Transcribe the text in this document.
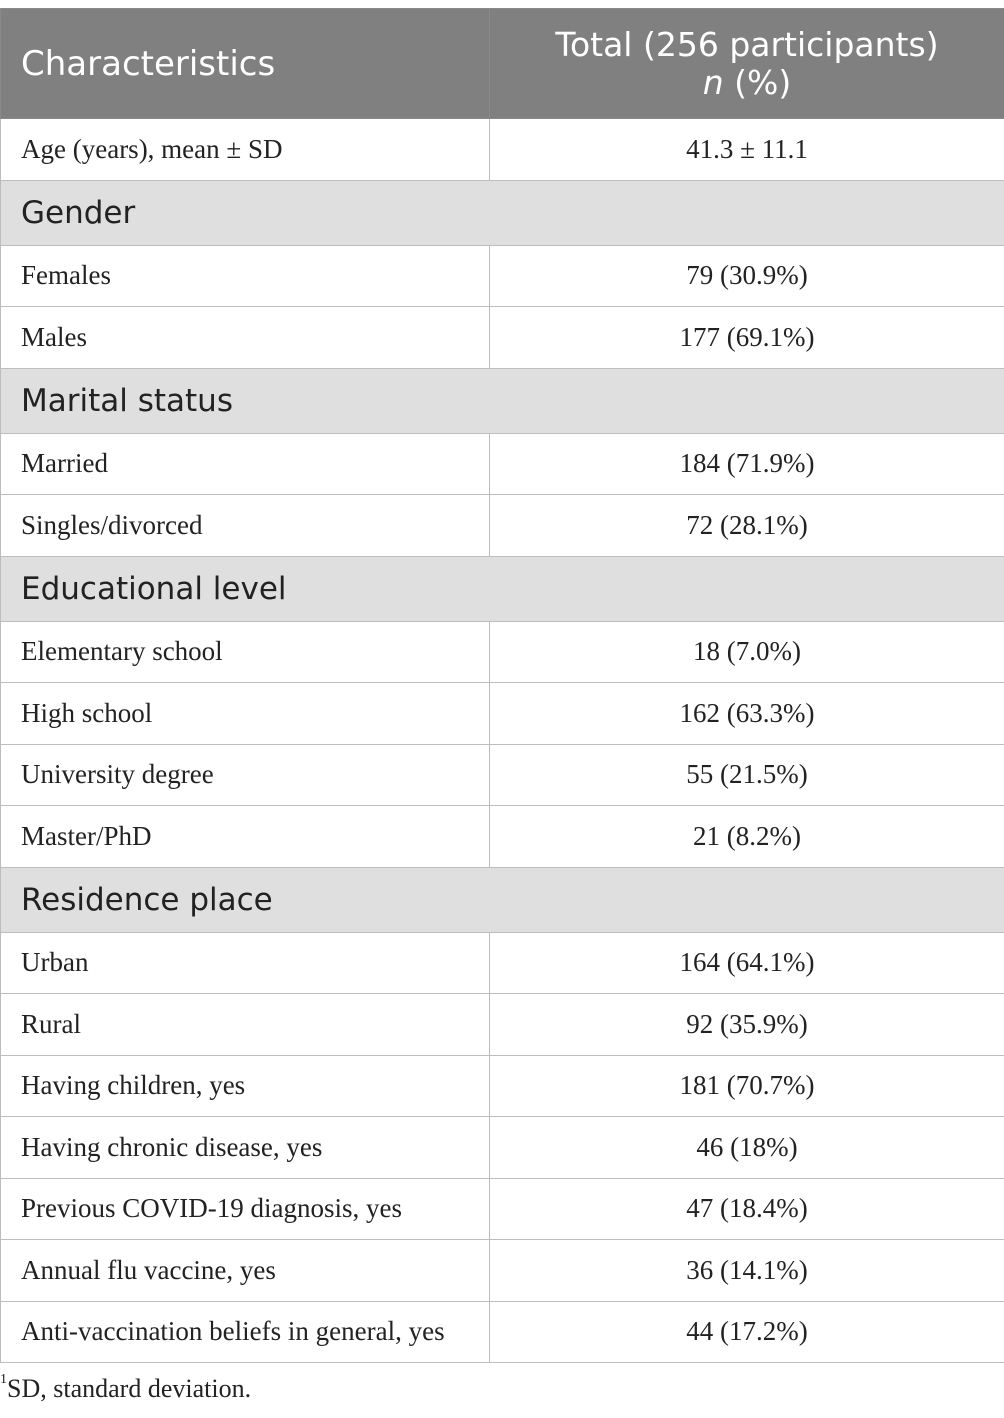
Characteristics	Total (256 participants)
n (%)
Age (years), mean ± SD	41.3 ± 11.1
Gender	
Females	79 (30.9%)
Males	177 (69.1%)
Marital status	
Married	184 (71.9%)
Singles/divorced	72 (28.1%)
Educational level	
Elementary school	18 (7.0%)
High school	162 (63.3%)
University degree	55 (21.5%)
Master/PhD	21 (8.2%)
Residence place	
Urban	164 (64.1%)
Rural	92 (35.9%)
Having children, yes	181 (70.7%)
Having chronic disease, yes	46 (18%)
Previous COVID-19 diagnosis, yes	47 (18.4%)
Annual flu vaccine, yes	36 (14.1%)
Anti-vaccination beliefs in general, yes	44 (17.2%)
$^1$SD, standard deviation.
